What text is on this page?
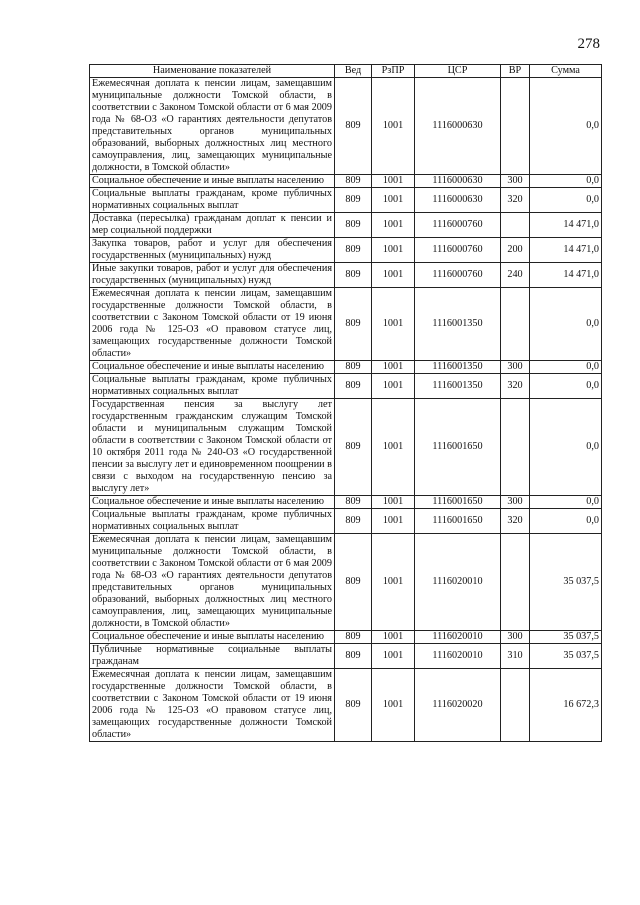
278
Наименование показателей	Вед	РзПР	ЦСР	ВР	Сумма
Ежемесячная доплата к пенсии лицам, замещавшим муниципальные должности Томской области, в соответствии с Законом Томской области от 6 мая 2009 года № 68-ОЗ «О гарантиях деятельности депутатов представительных органов муниципальных образований, выборных должностных лиц местного самоуправления, лиц, замещающих муниципальные должности, в Томской области»	809	1001	1116000630		0,0
Социальное обеспечение и иные выплаты населению	809	1001	1116000630	300	0,0
Социальные выплаты гражданам, кроме публичных нормативных социальных выплат	809	1001	1116000630	320	0,0
Доставка (пересылка) гражданам доплат к пенсии и мер социальной поддержки	809	1001	1116000760		14 471,0
Закупка товаров, работ и услуг для обеспечения государственных (муниципальных) нужд	809	1001	1116000760	200	14 471,0
Иные закупки товаров, работ и услуг для обеспечения государственных (муниципальных) нужд	809	1001	1116000760	240	14 471,0
Ежемесячная доплата к пенсии лицам, замещавшим государственные должности Томской области, в соответствии с Законом Томской области от 19 июня 2006 года № 125-ОЗ «О правовом статусе лиц, замещающих государственные должности Томской области»	809	1001	1116001350		0,0
Социальное обеспечение и иные выплаты населению	809	1001	1116001350	300	0,0
Социальные выплаты гражданам, кроме публичных нормативных социальных выплат	809	1001	1116001350	320	0,0
Государственная пенсия за выслугу лет государственным гражданским служащим Томской области и муниципальным служащим Томской области в соответствии с Законом Томской области от 10 октября 2011 года № 240-ОЗ «О государственной пенсии за выслугу лет и единовременном поощрении в связи с выходом на государственную пенсию за выслугу лет»	809	1001	1116001650		0,0
Социальное обеспечение и иные выплаты населению	809	1001	1116001650	300	0,0
Социальные выплаты гражданам, кроме публичных нормативных социальных выплат	809	1001	1116001650	320	0,0
Ежемесячная доплата к пенсии лицам, замещавшим муниципальные должности Томской области, в соответствии с Законом Томской области от 6 мая 2009 года № 68-ОЗ «О гарантиях деятельности депутатов представительных органов муниципальных образований, выборных должностных лиц местного самоуправления, лиц, замещающих муниципальные должности, в Томской области»	809	1001	1116020010		35 037,5
Социальное обеспечение и иные выплаты населению	809	1001	1116020010	300	35 037,5
Публичные нормативные социальные выплаты гражданам	809	1001	1116020010	310	35 037,5
Ежемесячная доплата к пенсии лицам, замещавшим государственные должности Томской области, в соответствии с Законом Томской области от 19 июня 2006 года № 125-ОЗ «О правовом статусе лиц, замещающих государственные должности Томской области»	809	1001	1116020020		16 672,3
